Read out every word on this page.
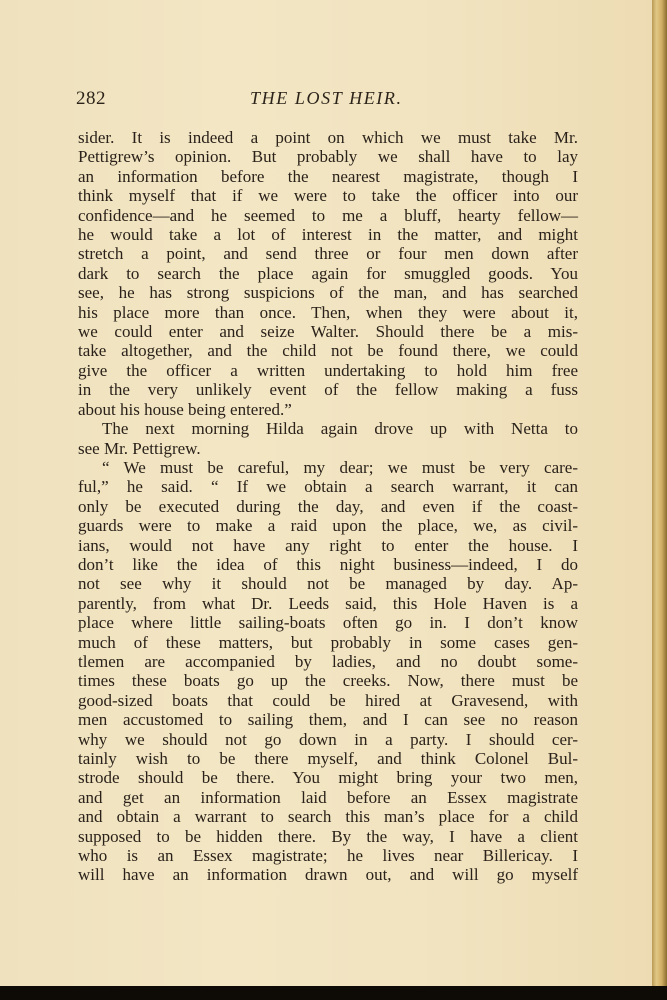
282	THE LOST HEIR.
sider. It is indeed a point on which we must take Mr.
Pettigrew’s opinion. But probably we shall have to lay
an information before the nearest magistrate, though I
think myself that if we were to take the officer into our
confidence—and he seemed to me a bluff, hearty fellow—
he would take a lot of interest in the matter, and might
stretch a point, and send three or four men down after
dark to search the place again for smuggled goods. You
see, he has strong suspicions of the man, and has searched
his place more than once. Then, when they were about it,
we could enter and seize Walter. Should there be a mis-
take altogether, and the child not be found there, we could
give the officer a written undertaking to hold him free
in the very unlikely event of the fellow making a fuss
about his house being entered.”
The next morning Hilda again drove up with Netta to
see Mr. Pettigrew.
“ We must be careful, my dear; we must be very care-
ful,” he said. “ If we obtain a search warrant, it can
only be executed during the day, and even if the coast-
guards were to make a raid upon the place, we, as civil-
ians, would not have any right to enter the house. I
don’t like the idea of this night business—indeed, I do
not see why it should not be managed by day. Ap-
parently, from what Dr. Leeds said, this Hole Haven is a
place where little sailing-boats often go in. I don’t know
much of these matters, but probably in some cases gen-
tlemen are accompanied by ladies, and no doubt some-
times these boats go up the creeks. Now, there must be
good-sized boats that could be hired at Gravesend, with
men accustomed to sailing them, and I can see no reason
why we should not go down in a party. I should cer-
tainly wish to be there myself, and think Colonel Bul-
strode should be there. You might bring your two men,
and get an information laid before an Essex magistrate
and obtain a warrant to search this man’s place for a child
supposed to be hidden there. By the way, I have a client
who is an Essex magistrate; he lives near Billericay. I
will have an information drawn out, and will go myself
